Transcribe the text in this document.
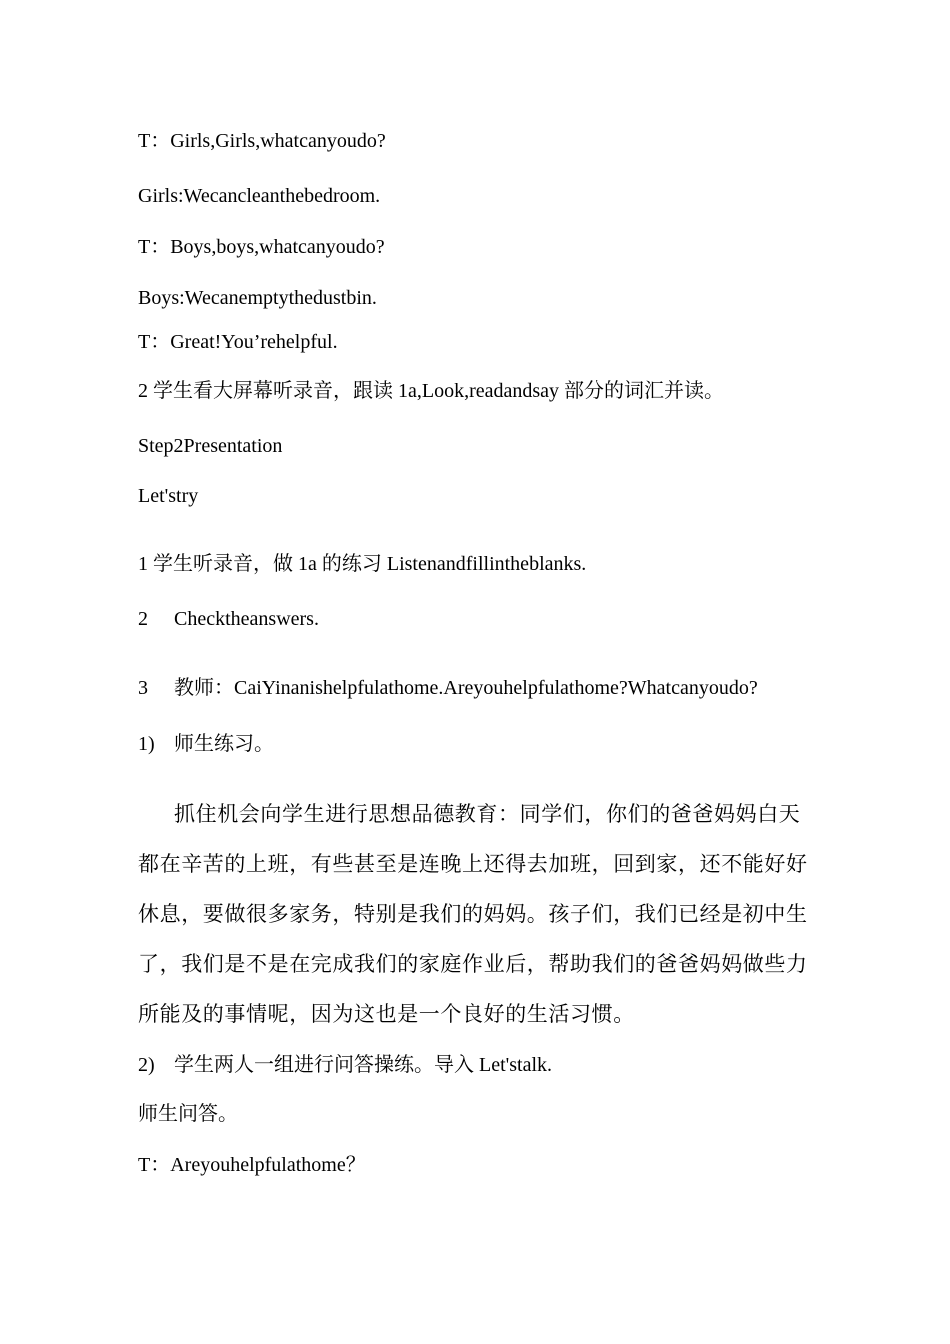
T：Girls,Girls,whatcanyoudo?
Girls:Wecancleanthebedroom.
T：Boys,boys,whatcanyoudo?
Boys:Wecanemptythedustbin.
T：Great!You’rehelpful.
2 学生看大屏幕听录音，跟读 1a,Look,readandsay 部分的词汇并读。
Step2Presentation
Let'stry
1 学生听录音，做 1a 的练习 Listenandfillintheblanks.
2 Checktheanswers.
3 教师：CaiYinanishelpfulathome.Areyouhelpfulathome?Whatcanyoudo?
1) 师生练习。
抓住机会向学生进行思想品德教育：同学们，你们的爸爸妈妈白天都在辛苦的上班，有些甚至是连晚上还得去加班，回到家，还不能好好休息，要做很多家务，特别是我们的妈妈。孩子们，我们已经是初中生了，我们是不是在完成我们的家庭作业后，帮助我们的爸爸妈妈做些力所能及的事情呢，因为这也是一个良好的生活习惯。
2) 学生两人一组进行问答操练。导入 Let'stalk.
师生问答。
T：Areyouhelpfulathome？
